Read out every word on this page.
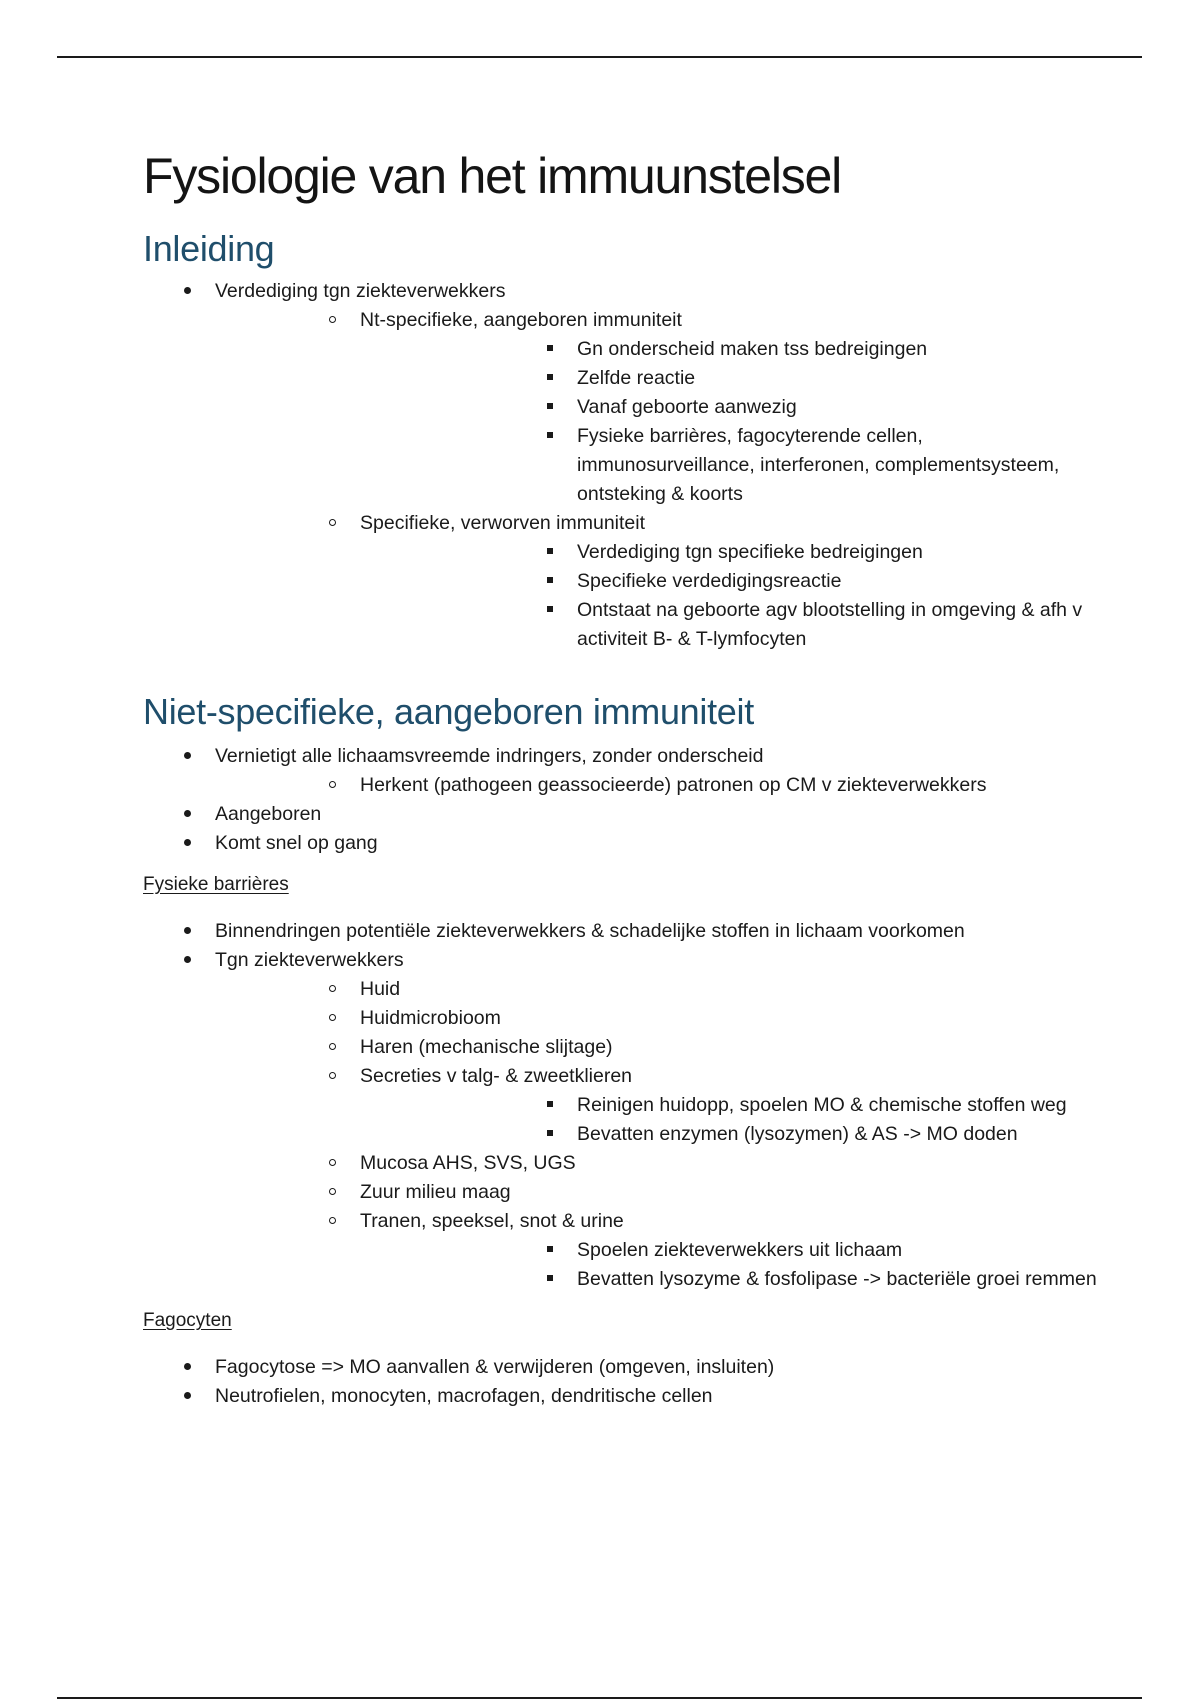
Fysiologie van het immuunstelsel
Inleiding
Verdediging tgn ziekteverwekkers
Nt-specifieke, aangeboren immuniteit
Gn onderscheid maken tss bedreigingen
Zelfde reactie
Vanaf geboorte aanwezig
Fysieke barrières, fagocyterende cellen, immunosurveillance, interferonen, complementsysteem, ontsteking & koorts
Specifieke, verworven immuniteit
Verdediging tgn specifieke bedreigingen
Specifieke verdedigingsreactie
Ontstaat na geboorte agv blootstelling in omgeving & afh v activiteit B- & T-lymfocyten
Niet-specifieke, aangeboren immuniteit
Vernietigt alle lichaamsvreemde indringers, zonder onderscheid
Herkent (pathogeen geassocieerde) patronen op CM v ziekteverwekkers
Aangeboren
Komt snel op gang
Fysieke barrières
Binnendringen potentiële ziekteverwekkers & schadelijke stoffen in lichaam voorkomen
Tgn ziekteverwekkers
Huid
Huidmicrobioom
Haren (mechanische slijtage)
Secreties v talg- & zweetklieren
Reinigen huidopp, spoelen MO & chemische stoffen weg
Bevatten enzymen (lysozymen) & AS -> MO doden
Mucosa AHS, SVS, UGS
Zuur milieu maag
Tranen, speeksel, snot & urine
Spoelen ziekteverwekkers uit lichaam
Bevatten lysozyme & fosfolipase -> bacteriële groei remmen
Fagocyten
Fagocytose => MO aanvallen & verwijderen (omgeven, insluiten)
Neutrofielen, monocyten, macrofagen, dendritische cellen
